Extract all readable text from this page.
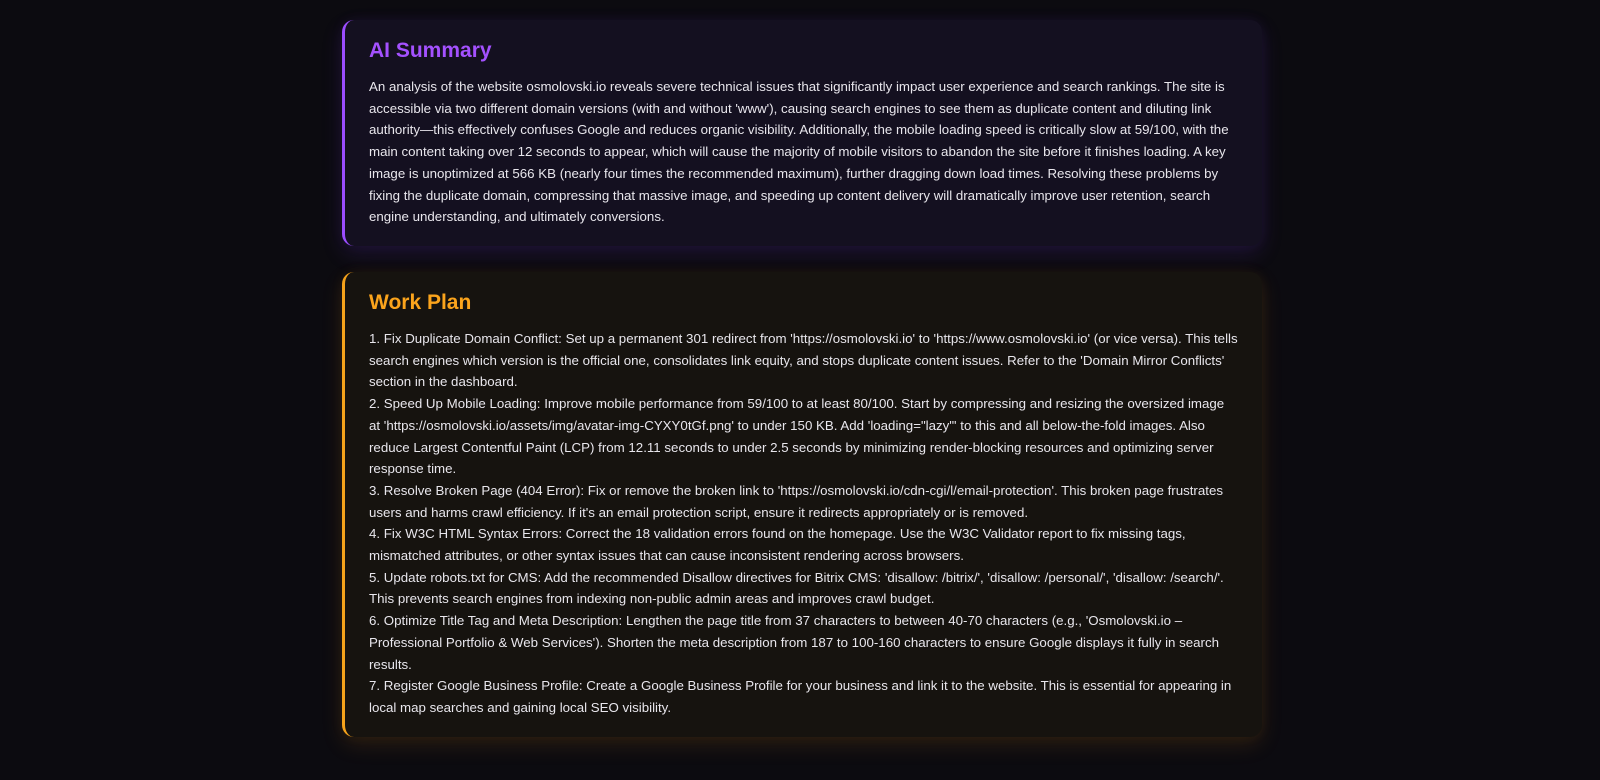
AI Summary

An analysis of the website osmolovski.io reveals severe technical issues that significantly impact user experience and search rankings. The site is accessible via two different domain versions (with and without 'www'), causing search engines to see them as duplicate content and diluting link authority—this effectively confuses Google and reduces organic visibility. Additionally, the mobile loading speed is critically slow at 59/100, with the main content taking over 12 seconds to appear, which will cause the majority of mobile visitors to abandon the site before it finishes loading. A key image is unoptimized at 566 KB (nearly four times the recommended maximum), further dragging down load times. Resolving these problems by fixing the duplicate domain, compressing that massive image, and speeding up content delivery will dramatically improve user retention, search engine understanding, and ultimately conversions.

Work Plan
1. Fix Duplicate Domain Conflict: Set up a permanent 301 redirect from 'https://osmolovski.io' to 'https://www.osmolovski.io' (or vice versa). This tells search engines which version is the official one, consolidates link equity, and stops duplicate content issues. Refer to the 'Domain Mirror Conflicts' section in the dashboard.
2. Speed Up Mobile Loading: Improve mobile performance from 59/100 to at least 80/100. Start by compressing and resizing the oversized image at 'https://osmolovski.io/assets/img/avatar-img-CYXY0tGf.png' to under 150 KB. Add 'loading="lazy"' to this and all below-the-fold images. Also reduce Largest Contentful Paint (LCP) from 12.11 seconds to under 2.5 seconds by minimizing render-blocking resources and optimizing server response time.
3. Resolve Broken Page (404 Error): Fix or remove the broken link to 'https://osmolovski.io/cdn-cgi/l/email-protection'. This broken page frustrates users and harms crawl efficiency. If it's an email protection script, ensure it redirects appropriately or is removed.
4. Fix W3C HTML Syntax Errors: Correct the 18 validation errors found on the homepage. Use the W3C Validator report to fix missing tags, mismatched attributes, or other syntax issues that can cause inconsistent rendering across browsers.
5. Update robots.txt for CMS: Add the recommended Disallow directives for Bitrix CMS: 'disallow: /bitrix/', 'disallow: /personal/', 'disallow: /search/'. This prevents search engines from indexing non-public admin areas and improves crawl budget.
6. Optimize Title Tag and Meta Description: Lengthen the page title from 37 characters to between 40-70 characters (e.g., 'Osmolovski.io – Professional Portfolio & Web Services'). Shorten the meta description from 187 to 100-160 characters to ensure Google displays it fully in search results.
7. Register Google Business Profile: Create a Google Business Profile for your business and link it to the website. This is essential for appearing in local map searches and gaining local SEO visibility.
